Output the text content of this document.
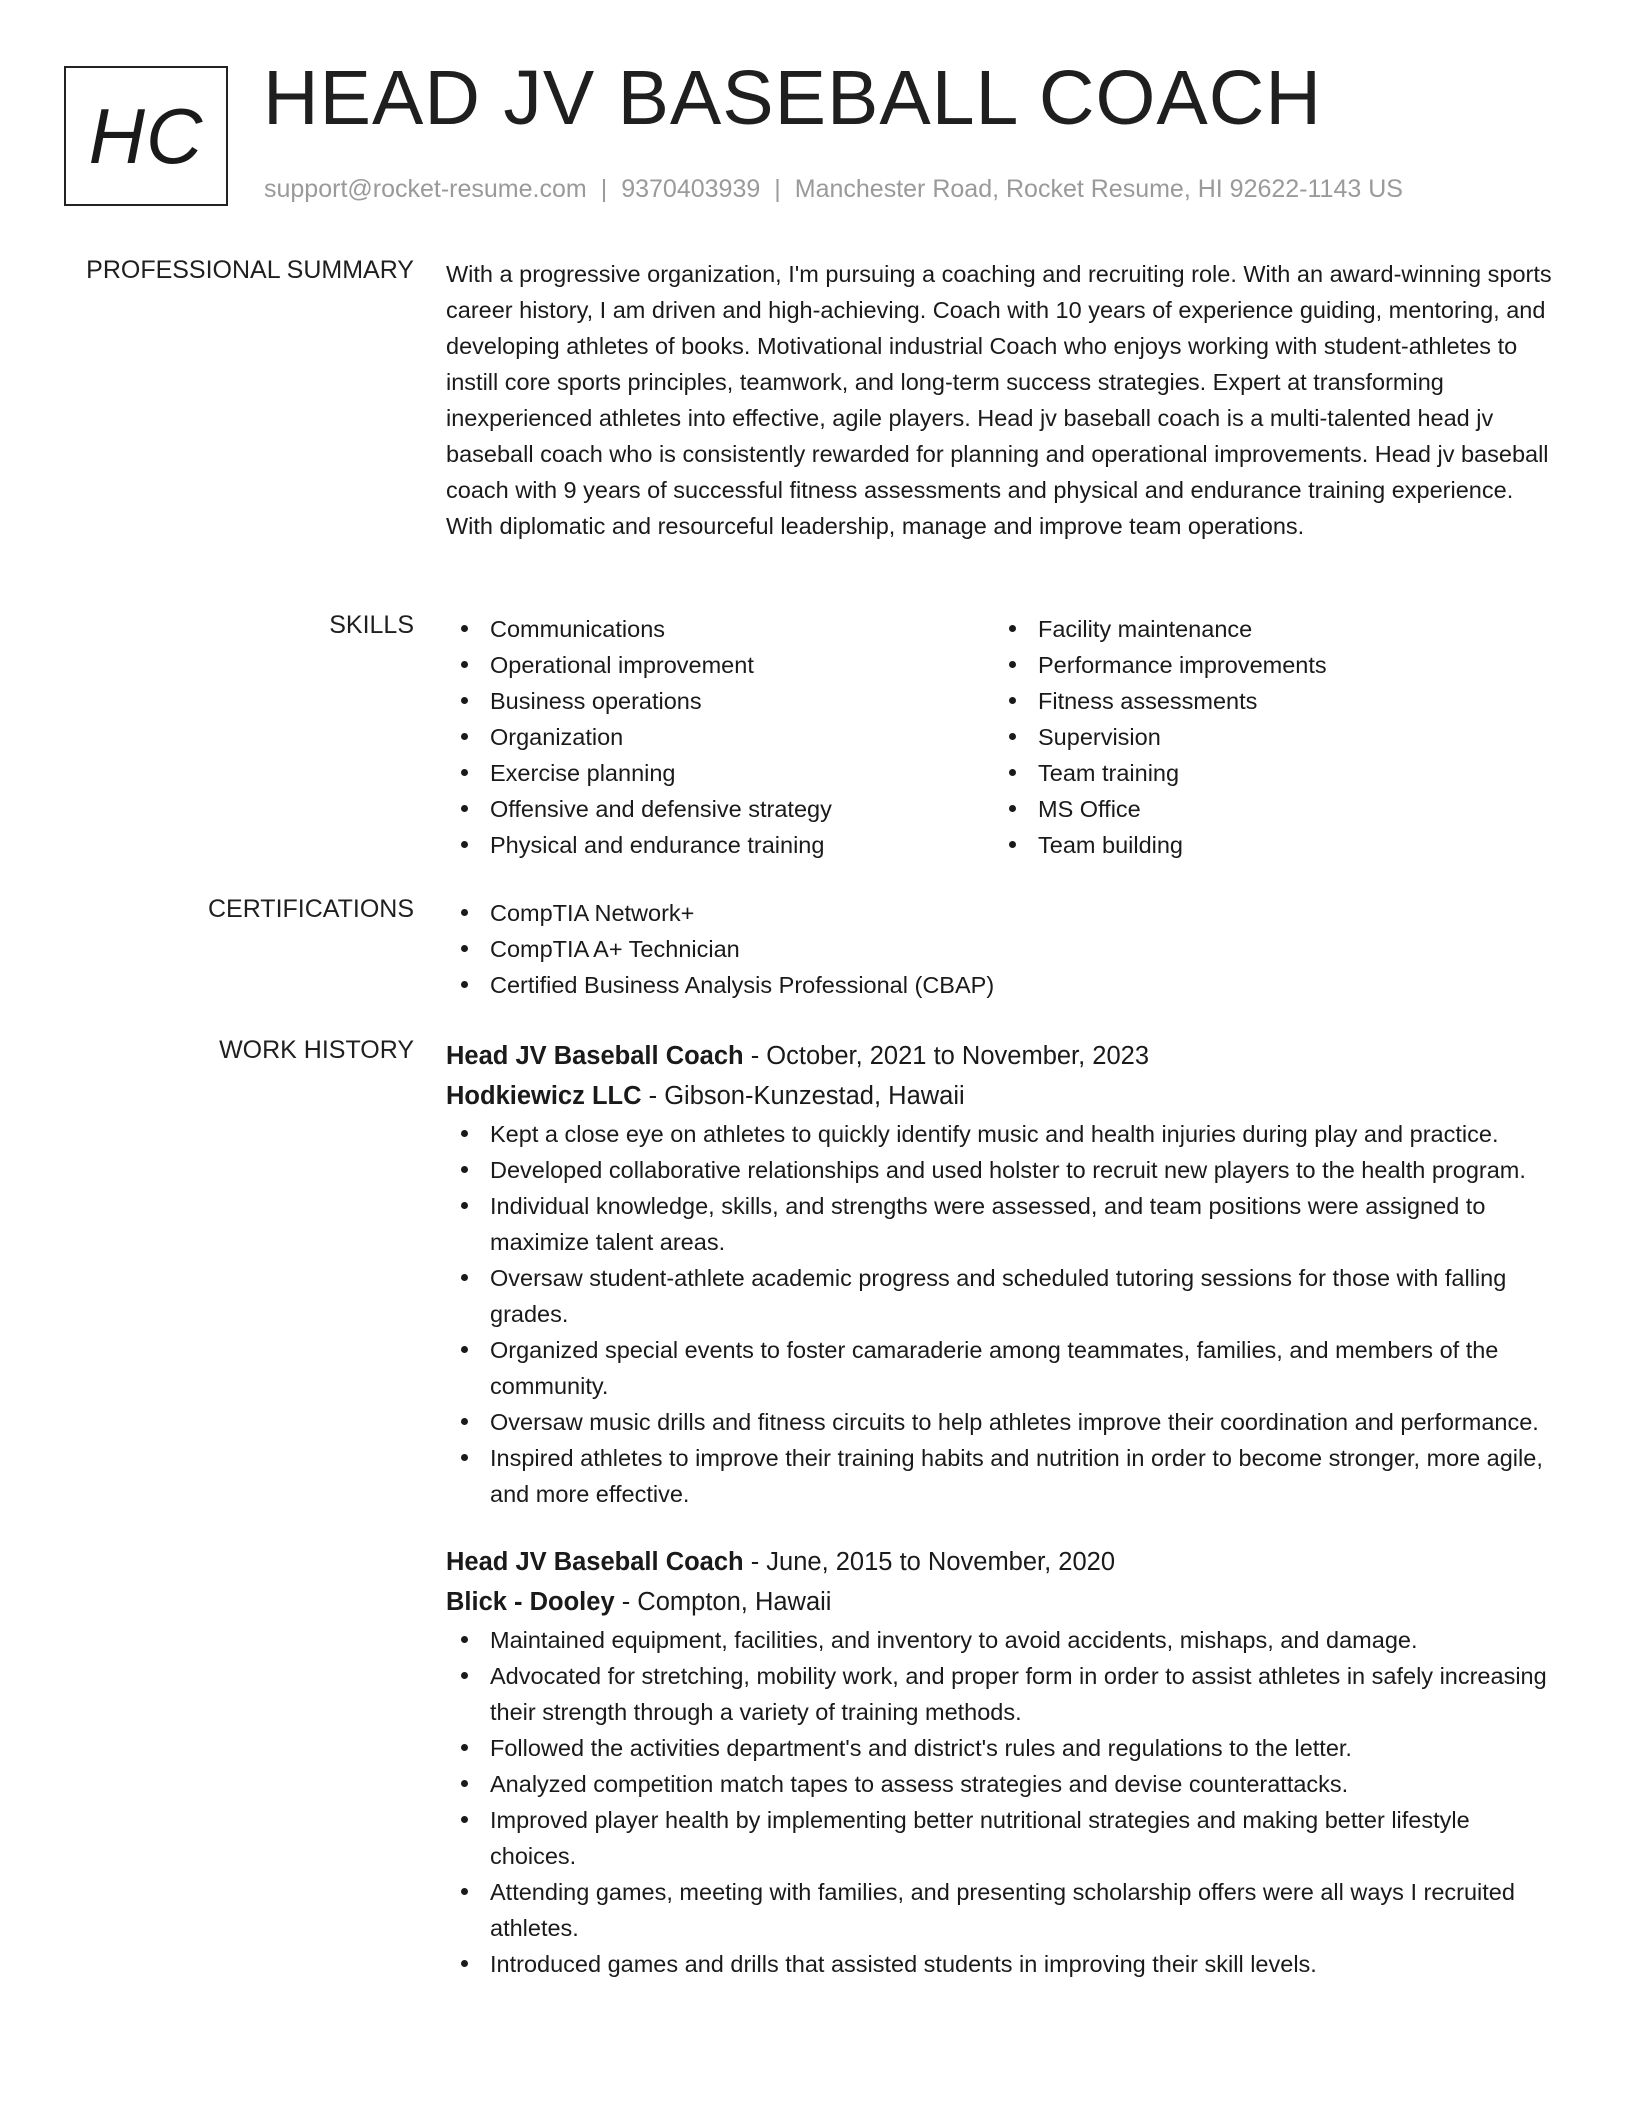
HC HEAD JV BASEBALL COACH
support@rocket-resume.com | 9370403939 | Manchester Road, Rocket Resume, HI 92622-1143 US
PROFESSIONAL SUMMARY With a progressive organization, I'm pursuing a coaching and recruiting role. With an award-winning sports career history, I am driven and high-achieving. Coach with 10 years of experience guiding, mentoring, and developing athletes of books. Motivational industrial Coach who enjoys working with student-athletes to instill core sports principles, teamwork, and long-term success strategies. Expert at transforming inexperienced athletes into effective, agile players. Head jv baseball coach is a multi-talented head jv baseball coach who is consistently rewarded for planning and operational improvements. Head jv baseball coach with 9 years of successful fitness assessments and physical and endurance training experience. With diplomatic and resourceful leadership, manage and improve team operations.

SKILLS	Communications
Operational improvement
Business operations
Organization
Exercise planning
Offensive and defensive strategy
Physical and endurance training
Facility maintenance
Performance improvements
Fitness assessments
Supervision
Team training
MS Office
Team building
CERTIFICATIONS	CompTIA Network+
CompTIA A+ Technician
Certified Business Analysis Professional (CBAP)
WORK HISTORY Head JV Baseball Coach - October, 2021 to November, 2023
Hodkiewicz LLC - Gibson-Kunzestad, Hawaii
Kept a close eye on athletes to quickly identify music and health injuries during play and practice.
Developed collaborative relationships and used holster to recruit new players to the health program.
Individual knowledge, skills, and strengths were assessed, and team positions were assigned to maximize talent areas.
Oversaw student-athlete academic progress and scheduled tutoring sessions for those with falling grades.
Organized special events to foster camaraderie among teammates, families, and members of the community.
Oversaw music drills and fitness circuits to help athletes improve their coordination and performance.
Inspired athletes to improve their training habits and nutrition in order to become stronger, more agile, and more effective.
Head JV Baseball Coach - June, 2015 to November, 2020
Blick - Dooley - Compton, Hawaii
Maintained equipment, facilities, and inventory to avoid accidents, mishaps, and damage.
Advocated for stretching, mobility work, and proper form in order to assist athletes in safely increasing their strength through a variety of training methods.
Followed the activities department's and district's rules and regulations to the letter.
Analyzed competition match tapes to assess strategies and devise counterattacks.
Improved player health by implementing better nutritional strategies and making better lifestyle choices.
Attending games, meeting with families, and presenting scholarship offers were all ways I recruited athletes.
Introduced games and drills that assisted students in improving their skill levels.
